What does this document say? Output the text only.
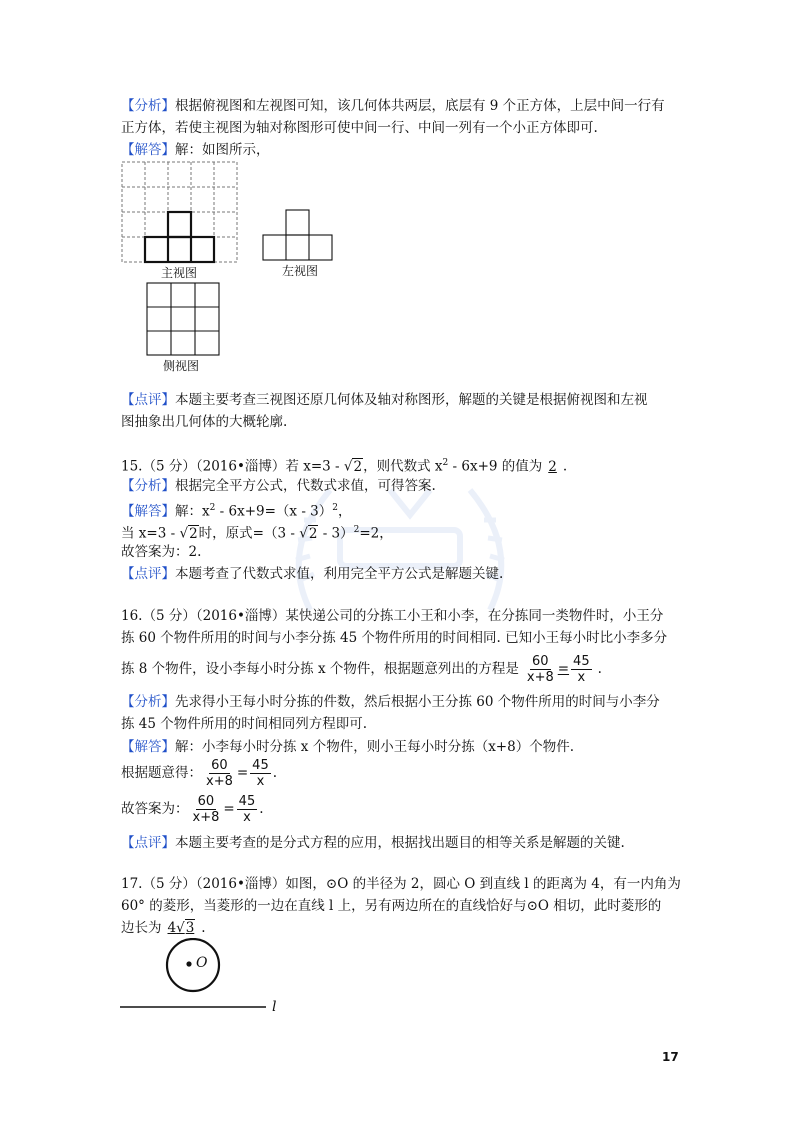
【分析】根据俯视图和左视图可知，该几何体共两层，底层有 9 个正方体，上层中间一行有
正方体，若使主视图为轴对称图形可使中间一行、中间一列有一个小正方体即可.
【解答】解：如图所示，
主视图	左视图
侧视图
【点评】本题主要考查三视图还原几何体及轴对称图形，解题的关键是根据俯视图和左视
图抽象出几何体的大概轮廓.
15.（5 分）（2016•淄博）若 x=3 - √2，则代数式 $x^2 - 6x+9$ 的值为 2 .
【分析】根据完全平方公式，代数式求值，可得答案.
【解答】解：$x^2 - 6x+9=(x - 3)^2$，
当 x=3 - √2时，原式=（3 - √2 - 3）$^2$=2，
故答案为：2.
【点评】本题考查了代数式求值，利用完全平方公式是解题关键.
16.（5 分）（2016•淄博）某快递公司的分拣工小王和小李，在分拣同一类物件时，小王分
拣 60 个物件所用的时间与小李分拣 45 个物件所用的时间相同. 已知小王每小时比小李多分
拣 8 个物件，设小李每小时分拣 x 个物件，根据题意列出的方程是 $\frac{60}{x+8} = \frac{45}{x}$ .
【分析】先求得小王每小时分拣的件数，然后根据小王分拣 60 个物件所用的时间与小李分
拣 45 个物件所用的时间相同列方程即可.
【解答】解：小李每小时分拣 x 个物件，则小王每小时分拣（x+8）个物件.
根据题意得： $\frac{60}{x+8} = \frac{45}{x}$ .
故答案为： $\frac{60}{x+8} = \frac{45}{x}$ .
【点评】本题主要考查的是分式方程的应用，根据找出题目的相等关系是解题的关键.
17.（5 分）（2016•淄博）如图，⊙O 的半径为 2，圆心 O 到直线 l 的距离为 4，有一内角为
60° 的菱形，当菱形的一边在直线 l 上，另有两边所在的直线恰好与⊙O 相切，此时菱形的
边长为 4√3 .
O
l
17
